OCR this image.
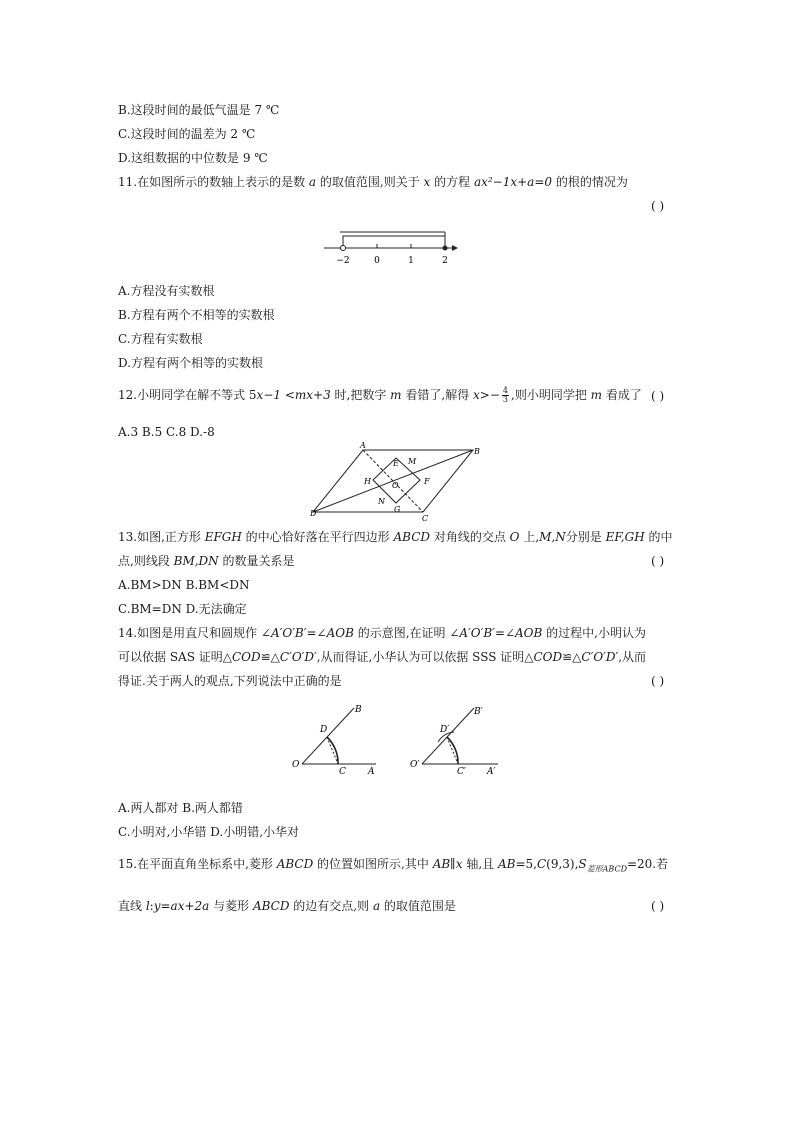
B.这段时间的最低气温是 7 ℃
C.这段时间的温差为 2 ℃
D.这组数据的中位数是 9 ℃
11.在如图所示的数轴上表示的是数 a 的取值范围,则关于 x 的方程 ax²−1x+a=0 的根的情况为
( )
−2	0	1	2
A.方程没有实数根
B.方程有两个不相等的实数根
C.方程有实数根
D.方程有两个相等的实数根
12.小明同学在解不等式 5x−1 <mx+3 时,把数字 m 看错了,解得 $x>- \frac{4}{3}$ ,则小明同学把 m 看成了 ( )
A.3 B.5 C.8 D.-8
A
B
C
D
E M
H	O	F
N
G
13.如图,正方形 EFGH 的中心恰好落在平行四边形 ABCD 对角线的交点 O 上,M,N分别是 EF,GH 的中
点,则线段 BM,DN 的数量关系是	( )
A.BM>DN B.BM<DN
C.BM=DN D.无法确定
14.如图是用直尺和圆规作 ∠A′O′B′=∠AOB 的示意图,在证明 ∠A′O′B′=∠AOB 的过程中,小明认为
可以依据 SAS 证明△COD≌△C′O′D′,从而得证,小华认为可以依据 SSS 证明△COD≌△C′O′D′,从而
得证.关于两人的观点,下列说法中正确的是	( )
B
D
O
C A
B′
D′
O′
C′ A′
A.两人都对 B.两人都错
C.小明对,小华错 D.小明错,小华对
15.在平面直角坐标系中,菱形 ABCD 的位置如图所示,其中 AB∥x 轴,且 $AB=5,C(9,3),S_{菱形ABCD}=20$.若
直线 l:y=ax+2a 与菱形 ABCD 的边有交点,则 a 的取值范围是	( )
